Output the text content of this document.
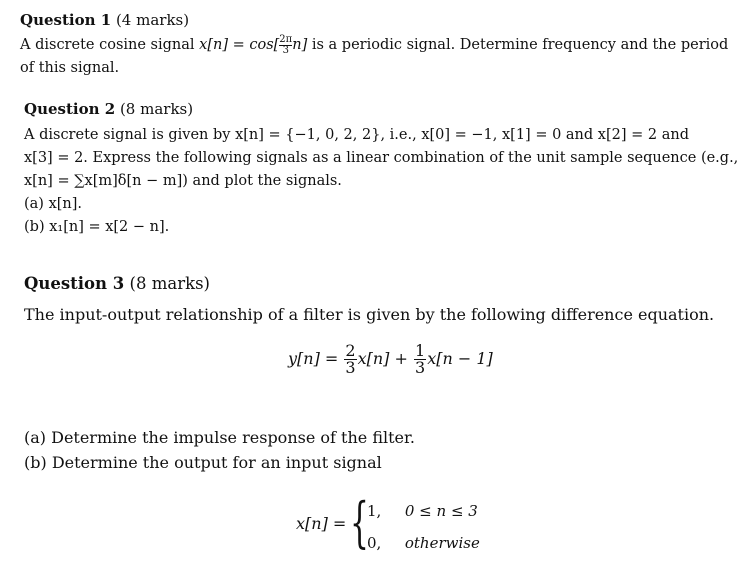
Question 1 (4 marks)
A discrete cosine signal $x[n] = \cos[ \frac{2\pi}{3} n]$ is a periodic signal. Determine frequency and the period
of this signal.
Question 2 (8 marks)
A discrete signal is given by x[n] = {−1, 0, 2, 2}, i.e., x[0] = −1, x[1] = 0 and x[2] = 2 and
x[3] = 2. Express the following signals as a linear combination of the unit sample sequence (e.g.,
x[n] = ∑x[m]δ[n − m]) and plot the signals.
(a) x[n].
(b) x₁[n] = x[2 − n].
Question 3 (8 marks)
The input-output relationship of a filter is given by the following difference equation.
$y[n] = \frac{2}{3} x[n] + \frac{1}{3} x[n - 1]$
(a) Determine the impulse response of the filter.
(b) Determine the output for an input signal
x[n] = {
1, 0 ≤ n ≤ 3
0, otherwise
